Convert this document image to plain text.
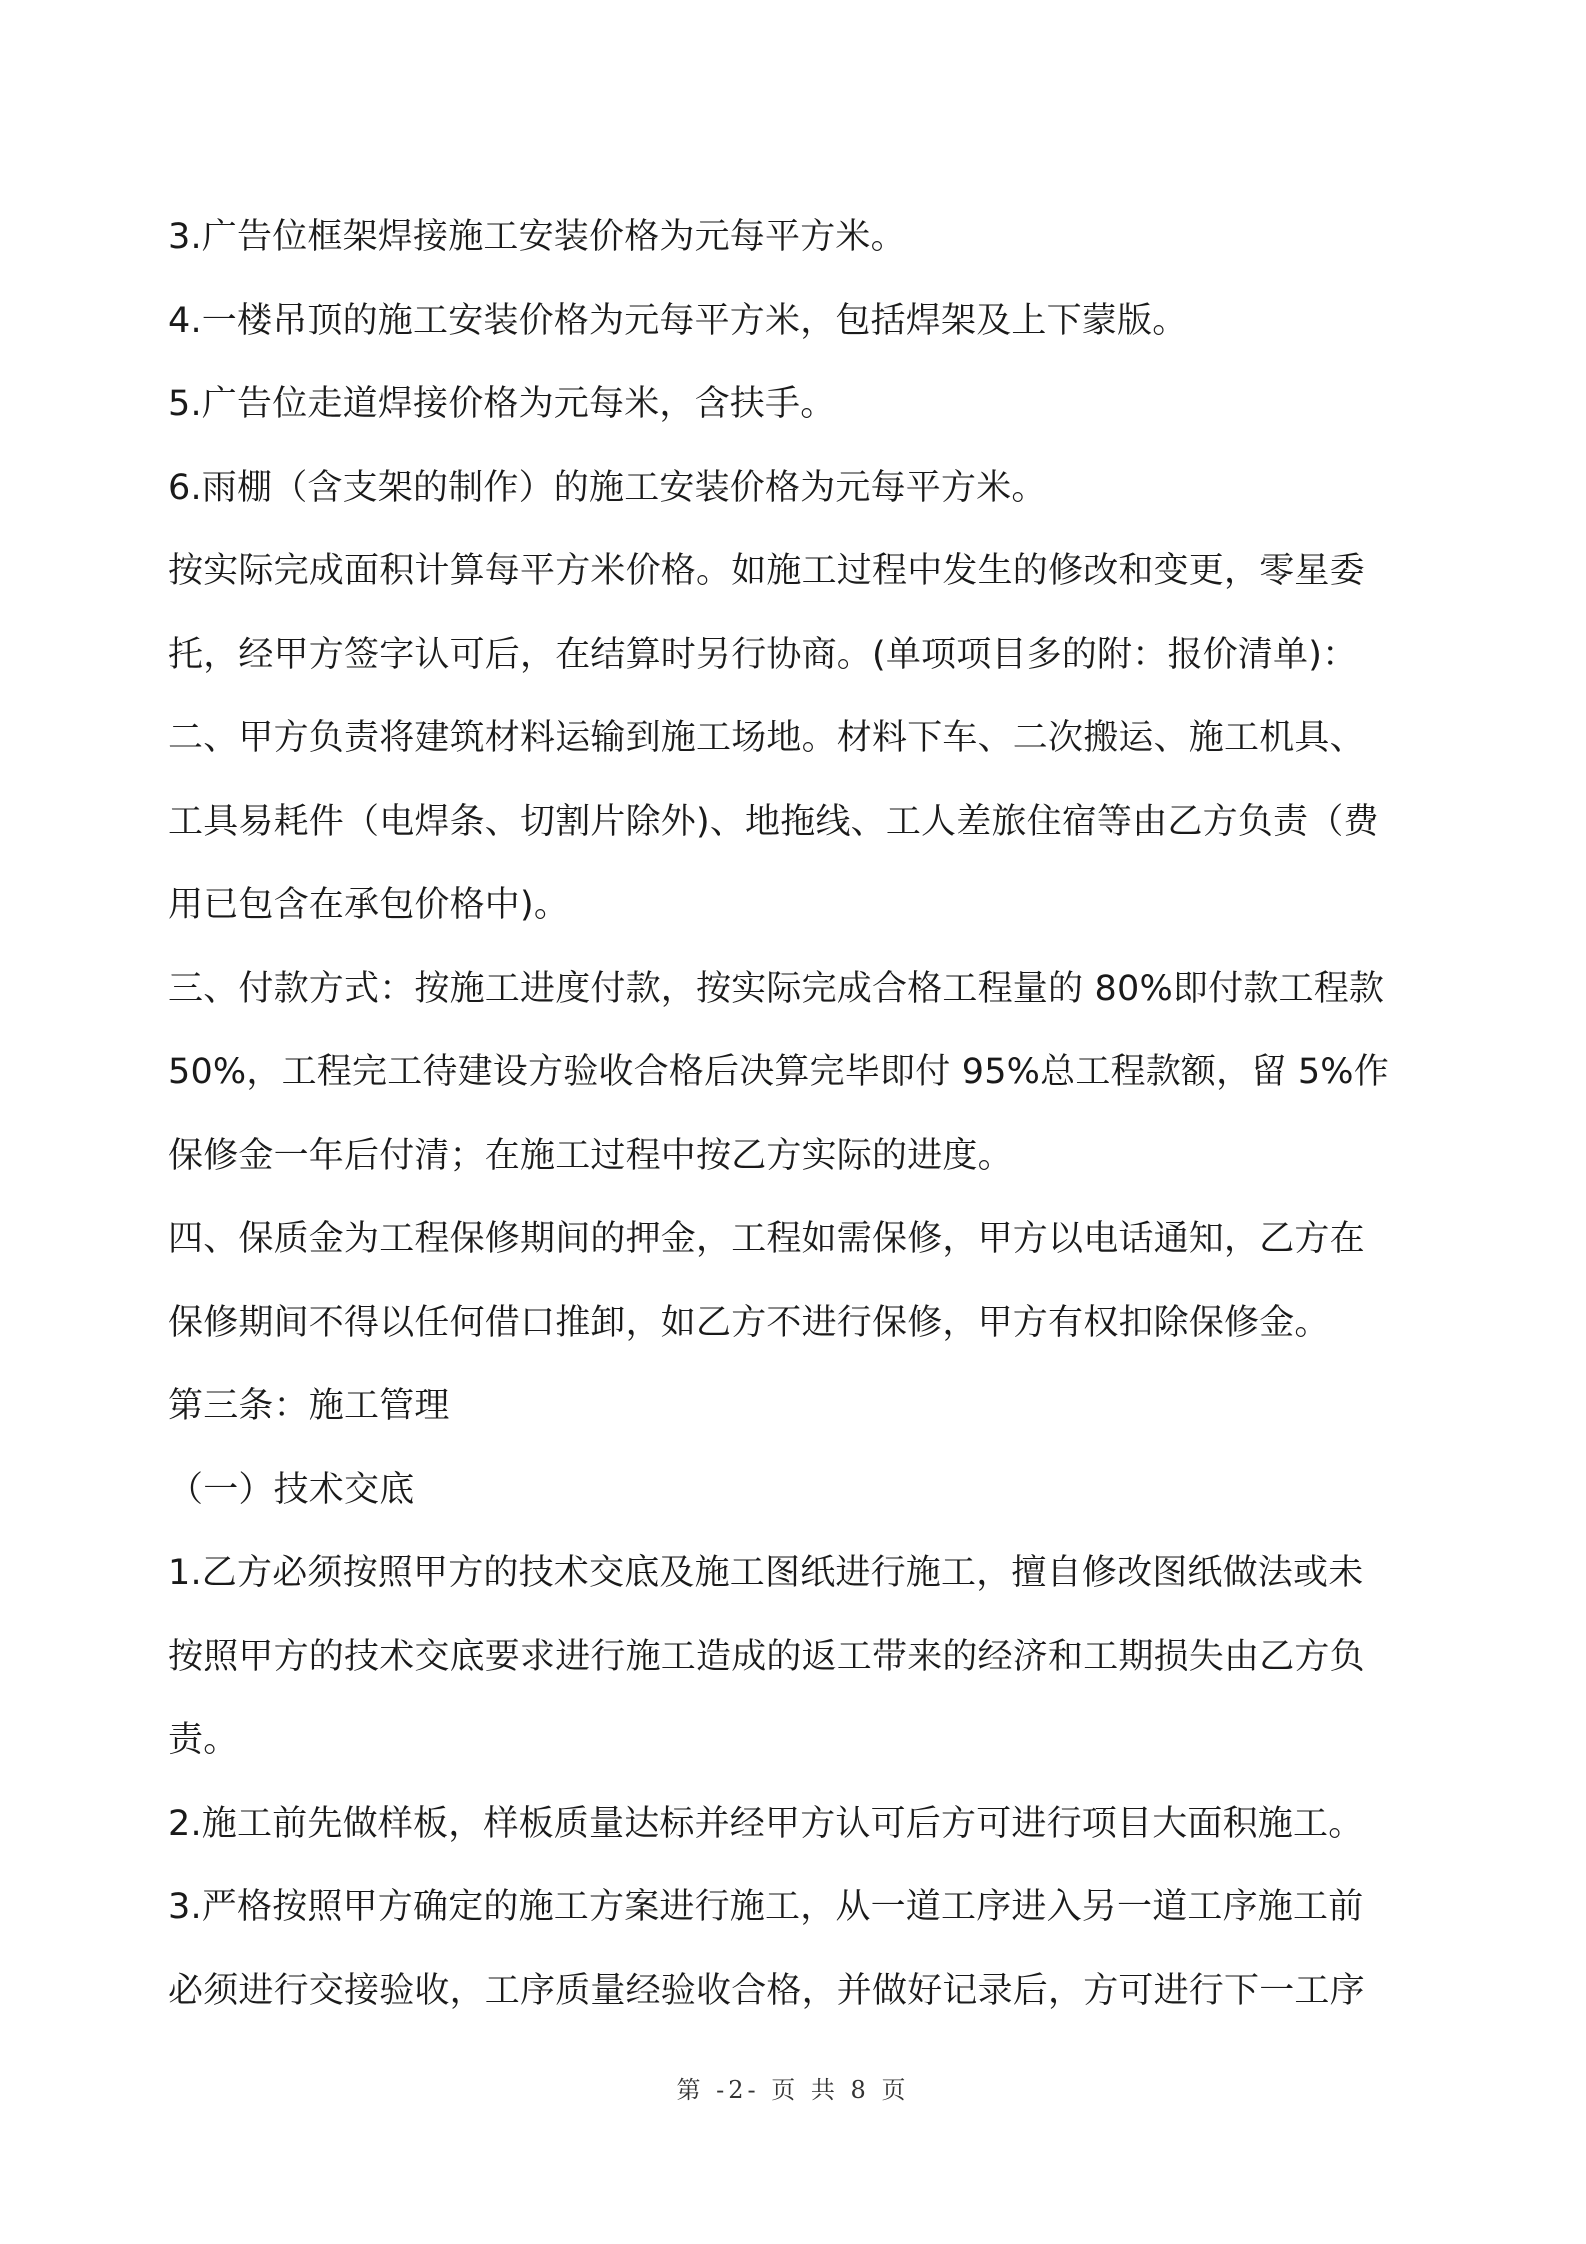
3.广告位框架焊接施工安装价格为元每平方米。
4.一楼吊顶的施工安装价格为元每平方米，包括焊架及上下蒙版。
5.广告位走道焊接价格为元每米，含扶手。
6.雨棚（含支架的制作）的施工安装价格为元每平方米。
按实际完成面积计算每平方米价格。如施工过程中发生的修改和变更，零星委
托，经甲方签字认可后，在结算时另行协商。(单项项目多的附：报价清单)：
二、甲方负责将建筑材料运输到施工场地。材料下车、二次搬运、施工机具、
工具易耗件（电焊条、切割片除外)、地拖线、工人差旅住宿等由乙方负责（费
用已包含在承包价格中)。
三、付款方式：按施工进度付款，按实际完成合格工程量的 80%即付款工程款
50%，工程完工待建设方验收合格后决算完毕即付 95%总工程款额，留 5%作
保修金一年后付清；在施工过程中按乙方实际的进度。
四、保质金为工程保修期间的押金，工程如需保修，甲方以电话通知，乙方在
保修期间不得以任何借口推卸，如乙方不进行保修，甲方有权扣除保修金。
第三条：施工管理
（一）技术交底
1.乙方必须按照甲方的技术交底及施工图纸进行施工，擅自修改图纸做法或未
按照甲方的技术交底要求进行施工造成的返工带来的经济和工期损失由乙方负
责。
2.施工前先做样板，样板质量达标并经甲方认可后方可进行项目大面积施工。
3.严格按照甲方确定的施工方案进行施工，从一道工序进入另一道工序施工前
必须进行交接验收，工序质量经验收合格，并做好记录后，方可进行下一工序
第 -2- 页 共 8 页
